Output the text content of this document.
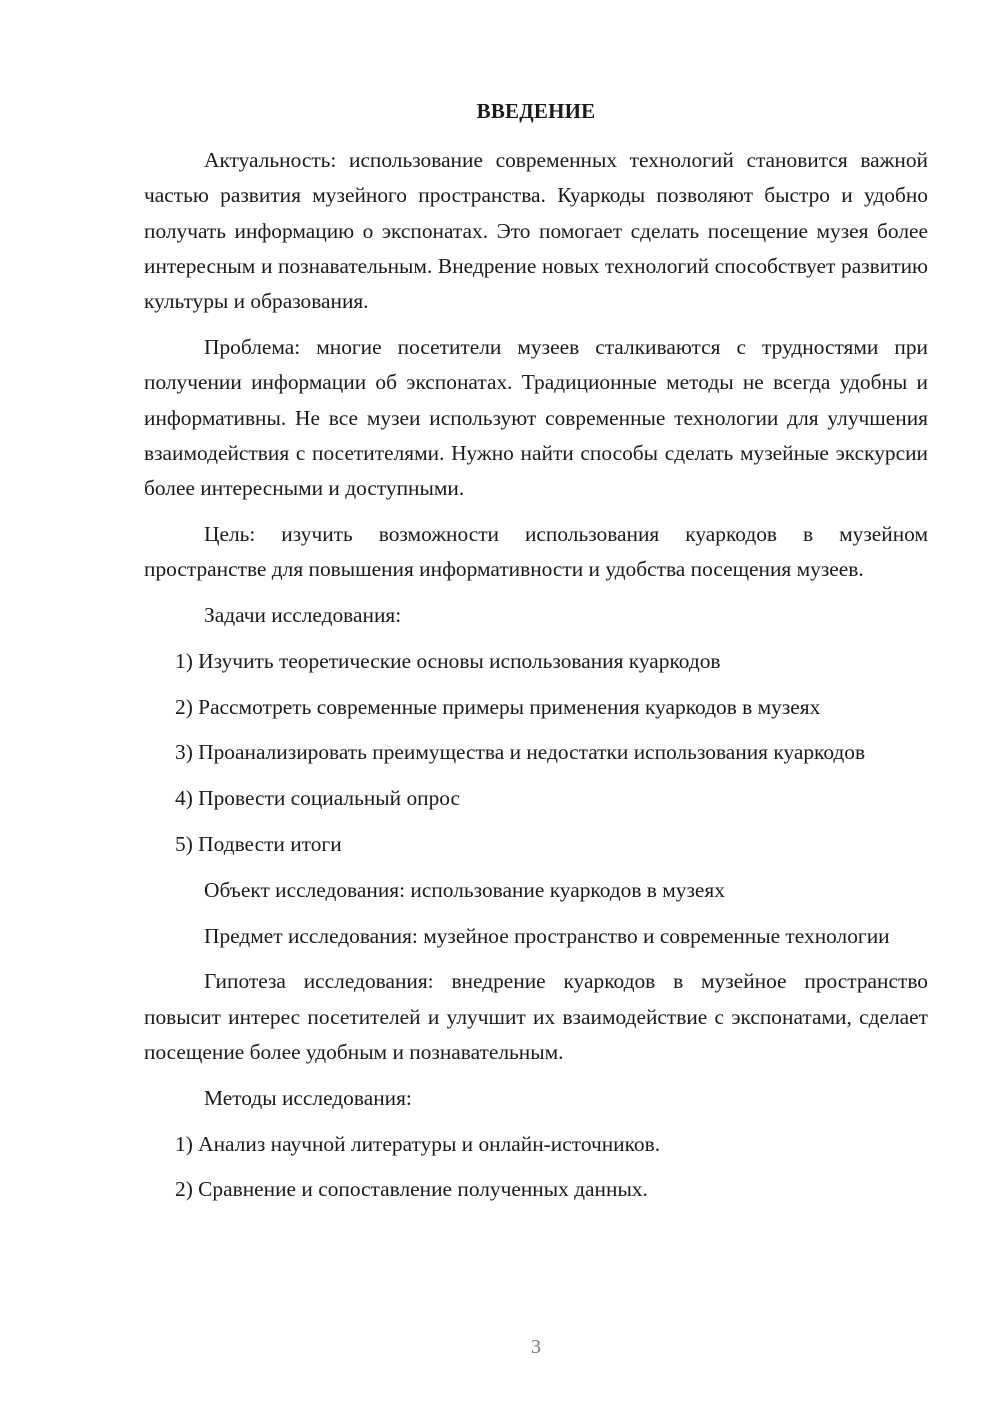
ВВЕДЕНИЕ

Актуальность: использование современных технологий становится важной частью развития музейного пространства. Куаркоды позволяют быстро и удобно получать информацию о экспонатах. Это помогает сделать посещение музея более интересным и познавательным. Внедрение новых технологий способствует развитию культуры и образования.

Проблема: многие посетители музеев сталкиваются с трудностями при получении информации об экспонатах. Традиционные методы не всегда удобны и информативны. Не все музеи используют современные технологии для улучшения взаимодействия с посетителями. Нужно найти способы сделать музейные экскурсии более интересными и доступными.

Цель: изучить возможности использования куаркодов в музейном пространстве для повышения информативности и удобства посещения музеев.

Задачи исследования:

1) Изучить теоретические основы использования куаркодов

2) Рассмотреть современные примеры применения куаркодов в музеях

3) Проанализировать преимущества и недостатки использования куаркодов

4) Провести социальный опрос

5) Подвести итоги

Объект исследования: использование куаркодов в музеях

Предмет исследования: музейное пространство и современные технологии

Гипотеза исследования: внедрение куаркодов в музейное пространство повысит интерес посетителей и улучшит их взаимодействие с экспонатами, сделает посещение более удобным и познавательным.

Методы исследования:

1) Анализ научной литературы и онлайн-источников.

2) Сравнение и сопоставление полученных данных.

3
